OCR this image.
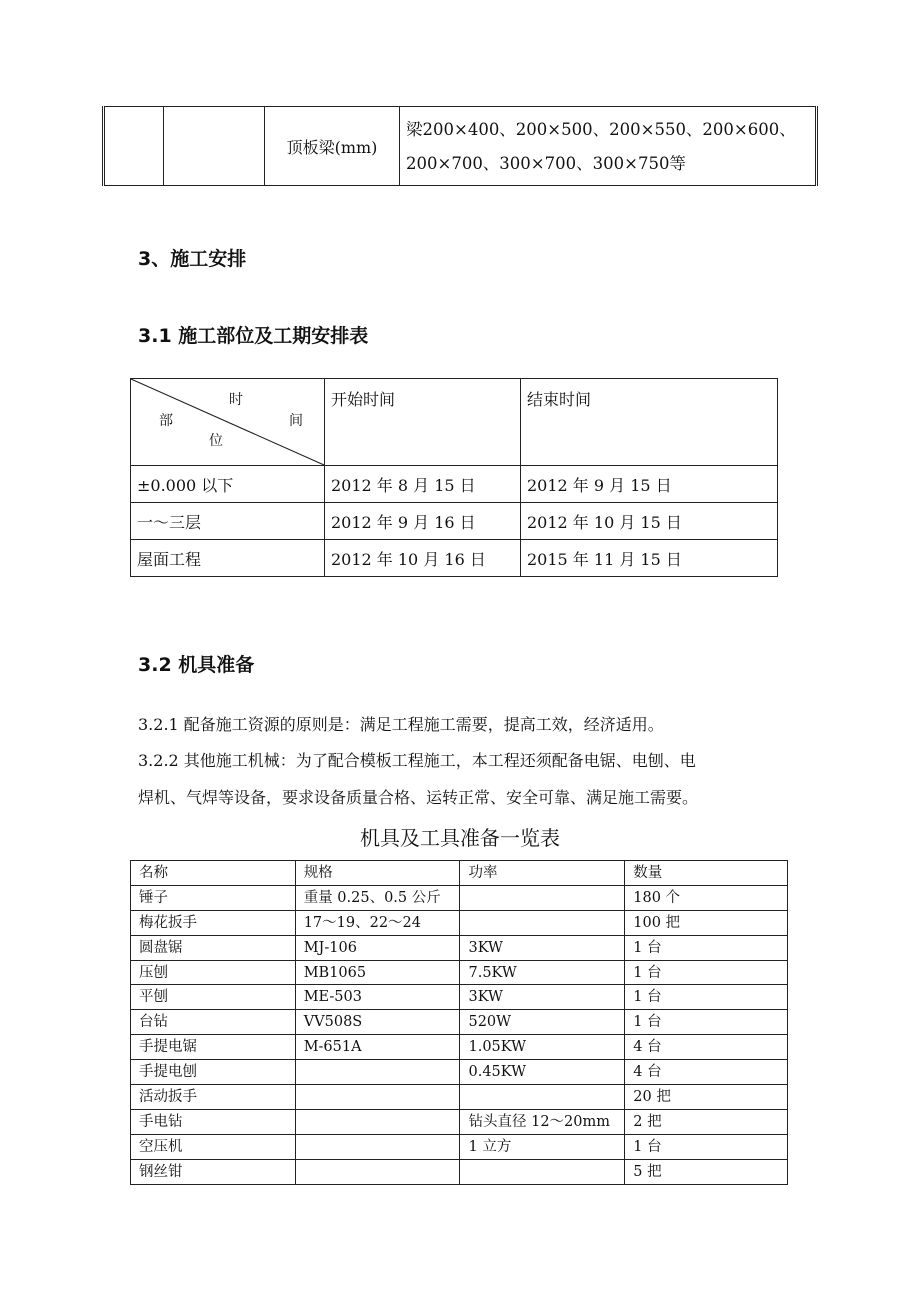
		顶板梁(mm)	梁200×400、200×500、200×550、200×600、200×700、300×700、300×750等
3、施工安排
3.1 施工部位及工期安排表
时
部 间
位	开始时间	结束时间
±0.000 以下	2012 年 8 月 15 日	2012 年 9 月 15 日
一～三层	2012 年 9 月 16 日	2012 年 10 月 15 日
屋面工程	2012 年 10 月 16 日	2015 年 11 月 15 日
3.2 机具准备
3.2.1 配备施工资源的原则是：满足工程施工需要，提高工效，经济适用。
3.2.2 其他施工机械：为了配合模板工程施工，本工程还须配备电锯、电刨、电
焊机、气焊等设备，要求设备质量合格、运转正常、安全可靠、满足施工需要。
机具及工具准备一览表
名称	规格	功率	数量
锤子	重量 0.25、0.5 公斤		180 个
梅花扳手	17～19、22～24		100 把
圆盘锯	MJ-106	3KW	1 台
压刨	MB1065	7.5KW	1 台
平刨	ME-503	3KW	1 台
台钻	VV508S	520W	1 台
手提电锯	M-651A	1.05KW	4 台
手提电刨		0.45KW	4 台
活动扳手			20 把
手电钻		钻头直径 12～20mm	2 把
空压机		1 立方	1 台
钢丝钳			5 把
